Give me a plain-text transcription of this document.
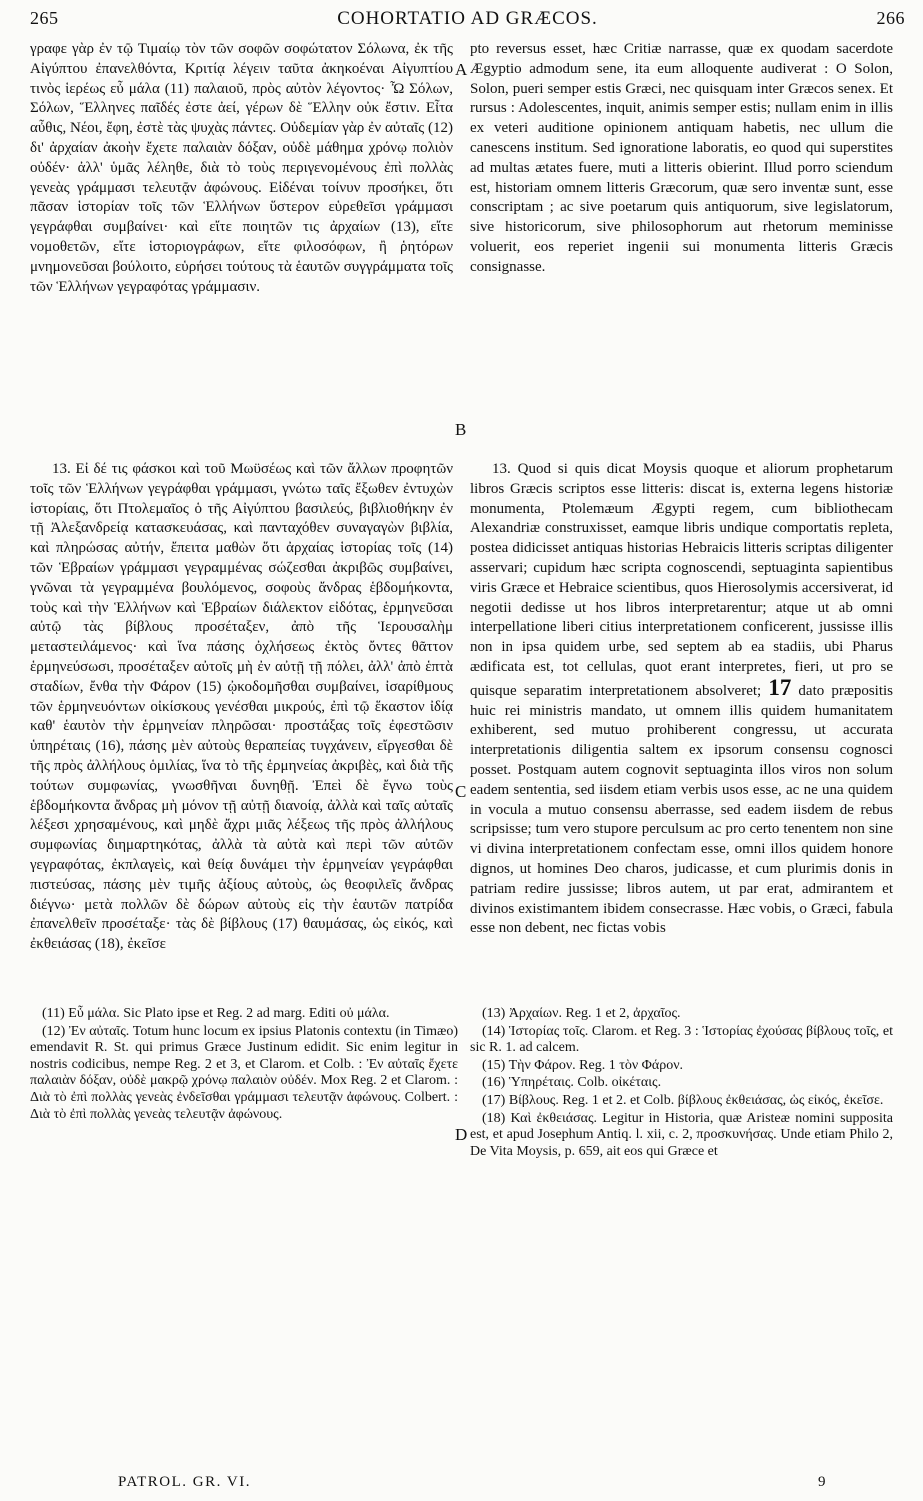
265	COHORTATIO AD GRÆCOS.	266

γραφε γὰρ ἐν τῷ Τιμαίῳ τὸν τῶν σοφῶν σοφώτατον Σόλωνα, ἐκ τῆς Αἰγύπτου ἐπανελθόντα, Κριτίᾳ λέγειν ταῦτα ἀκηκοέναι Αἰγυπτίου τινὸς ἱερέως εὖ μάλα (11) παλαιοῦ, πρὸς αὐτὸν λέγοντος· Ὦ Σόλων, Σόλων, Ἕλληνες παῖδές ἐστε ἀεί, γέρων δὲ Ἕλλην οὐκ ἔστιν. Εἶτα αὖθις, Νέοι, ἔφη, ἐστὲ τὰς ψυχὰς πάντες. Οὐδεμίαν γὰρ ἐν αὐταῖς (12) δι' ἀρχαίαν ἀκοὴν ἔχετε παλαιὰν δόξαν, οὐδὲ μάθημα χρόνῳ πολιὸν οὐδέν· ἀλλ' ὑμᾶς λέληθε, διὰ τὸ τοὺς περιγενομένους ἐπὶ πολλὰς γενεὰς γράμμασι τελευτᾷν ἀφώνους. Εἰδέναι τοίνυν προσήκει, ὅτι πᾶσαν ἱστορίαν τοῖς τῶν Ἑλλήνων ὕστερον εὑρεθεῖσι γράμμασι γεγράφθαι συμβαίνει· καὶ εἴτε ποιητῶν τις ἀρχαίων (13), εἴτε νομοθετῶν, εἴτε ἱστοριογράφων, εἴτε φιλοσόφων, ἢ ῥητόρων μνημονεῦσαι βούλοιτο, εὑρήσει τούτους τὰ ἑαυτῶν συγγράμματα τοῖς τῶν Ἑλλήνων γεγραφότας γράμμασιν.

pto reversus esset, hæc Critiæ narrasse, quæ ex quodam sacerdote Ægyptio admodum sene, ita eum alloquente audiverat : O Solon, Solon, pueri semper estis Græci, nec quisquam inter Græcos senex. Et rursus : Adolescentes, inquit, animis semper estis; nullam enim in illis ex veteri auditione opinionem antiquam habetis, nec ullum die canescens institum. Sed ignoratione laboratis, eo quod qui superstites ad multas ætates fuere, muti a litteris obierint. Illud porro sciendum est, historiam omnem litteris Græcorum, quæ sero inventæ sunt, esse conscriptam ; ac sive poetarum quis antiquorum, sive legislatorum, sive historicorum, sive philosophorum aut rhetorum meminisse voluerit, eos reperiet ingenii sui monumenta litteris Græcis consignasse.

A
B
C
D

13. Εἰ δέ τις φάσκοι καὶ τοῦ Μωϋσέως καὶ τῶν ἄλλων προφητῶν τοῖς τῶν Ἑλλήνων γεγράφθαι γράμμασι, γνώτω ταῖς ἔξωθεν ἐντυχὼν ἱστορίαις, ὅτι Πτολεμαῖος ὁ τῆς Αἰγύπτου βασιλεύς, βιβλιοθήκην ἐν τῇ Ἀλεξανδρείᾳ κατασκευάσας, καὶ πανταχόθεν συναγαγὼν βιβλία, καὶ πληρώσας αὐτήν, ἔπειτα μαθὼν ὅτι ἀρχαίας ἱστορίας τοῖς (14) τῶν Ἑβραίων γράμμασι γεγραμμένας σώζεσθαι ἀκριβῶς συμβαίνει, γνῶναι τὰ γεγραμμένα βουλόμενος, σοφοὺς ἄνδρας ἑβδομήκοντα, τοὺς καὶ τὴν Ἑλλήνων καὶ Ἑβραίων διάλεκτον εἰδότας, ἑρμηνεῦσαι αὐτῷ τὰς βίβλους προσέταξεν, ἀπὸ τῆς Ἱερουσαλὴμ μεταστειλάμενος· καὶ ἵνα πάσης ὀχλήσεως ἐκτὸς ὄντες θᾶττον ἑρμηνεύσωσι, προσέταξεν αὐτοῖς μὴ ἐν αὐτῇ τῇ πόλει, ἀλλ' ἀπὸ ἑπτὰ σταδίων, ἔνθα τὴν Φάρον (15) ᾠκοδομῆσθαι συμβαίνει, ἰσαρίθμους τῶν ἑρμηνευόντων οἰκίσκους γενέσθαι μικρούς, ἐπὶ τῷ ἕκαστον ἰδίᾳ καθ' ἑαυτὸν τὴν ἑρμηνείαν πληρῶσαι· προστάξας τοῖς ἐφεστῶσιν ὑπηρέταις (16), πάσης μὲν αὐτοὺς θεραπείας τυγχάνειν, εἴργεσθαι δὲ τῆς πρὸς ἀλλήλους ὁμιλίας, ἵνα τὸ τῆς ἑρμηνείας ἀκριβὲς, καὶ διὰ τῆς τούτων συμφωνίας, γνωσθῆναι δυνηθῇ. Ἐπεὶ δὲ ἔγνω τοὺς ἑβδομήκοντα ἄνδρας μὴ μόνον τῇ αὐτῇ διανοίᾳ, ἀλλὰ καὶ ταῖς αὐταῖς λέξεσι χρησαμένους, καὶ μηδὲ ἄχρι μιᾶς λέξεως τῆς πρὸς ἀλλήλους συμφωνίας διημαρτηκότας, ἀλλὰ τὰ αὐτὰ καὶ περὶ τῶν αὐτῶν γεγραφότας, ἐκπλαγεὶς, καὶ θείᾳ δυνάμει τὴν ἑρμηνείαν γεγράφθαι πιστεύσας, πάσης μὲν τιμῆς ἀξίους αὐτοὺς, ὡς θεοφιλεῖς ἄνδρας διέγνω· μετὰ πολλῶν δὲ δώρων αὐτοὺς εἰς τὴν ἑαυτῶν πατρίδα ἐπανελθεῖν προσέταξε· τὰς δὲ βίβλους (17) θαυμάσας, ὡς εἰκός, καὶ ἐκθειάσας (18), ἐκεῖσε

13. Quod si quis dicat Moysis quoque et aliorum prophetarum libros Græcis scriptos esse litteris: discat is, externa legens historiæ monumenta, Ptolemæum Ægypti regem, cum bibliothecam Alexandriæ construxisset, eamque libris undique comportatis repleta, postea didicisset antiquas historias Hebraicis litteris scriptas diligenter asservari; cupidum hæc scripta cognoscendi, septuaginta sapientibus viris Græce et Hebraice scientibus, quos Hierosolymis accersiverat, id negotii dedisse ut hos libros interpretarentur; atque ut ab omni interpellatione liberi citius interpretationem conficerent, jussisse illis non in ipsa quidem urbe, sed septem ab ea stadiis, ubi Pharus ædificata est, tot cellulas, quot erant interpretes, fieri, ut pro se quisque separatim interpretationem absolveret; 17 dato præpositis huic rei ministris mandato, ut omnem illis quidem humanitatem exhiberent, sed mutuo prohiberent congressu, ut accurata interpretationis diligentia saltem ex ipsorum consensu cognosci posset. Postquam autem cognovit septuaginta illos viros non solum eadem sententia, sed iisdem etiam verbis usos esse, ac ne una quidem in vocula a mutuo consensu aberrasse, sed eadem iisdem de rebus scripsisse; tum vero stupore perculsum ac pro certo tenentem non sine vi divina interpretationem confectam esse, omni illos quidem honore dignos, ut homines Deo charos, judicasse, et cum plurimis donis in patriam redire jussisse; libros autem, ut par erat, admirantem et divinos existimantem ibidem consecrasse. Hæc vobis, o Græci, fabula esse non debent, nec fictas vobis

(11) Εὖ μάλα. Sic Plato ipse et Reg. 2 ad marg. Editi οὐ μάλα.

(12) Ἐν αὐταῖς. Totum hunc locum ex ipsius Platonis contextu (in Timæo) emendavit R. St. qui primus Græce Justinum edidit. Sic enim legitur in nostris codicibus, nempe Reg. 2 et 3, et Clarom. et Colb. : Ἐν αὐταῖς ἔχετε παλαιὰν δόξαν, οὐδὲ μακρῷ χρόνῳ παλαιὸν οὐδέν. Mox Reg. 2 et Clarom. : Διὰ τὸ ἐπὶ πολλὰς γενεὰς ἐνδεῖσθαι γράμμασι τελευτᾷν ἀφώνους. Colbert. : Διὰ τὸ ἐπὶ πολλὰς γενεὰς τελευτᾷν ἀφώνους.

(13) Ἀρχαίων. Reg. 1 et 2, ἀρχαῖος.

(14) Ἱστορίας τοῖς. Clarom. et Reg. 3 : Ἱστορίας ἐχούσας βίβλους τοῖς, et sic R. 1. ad calcem.

(15) Τὴν Φάρον. Reg. 1 τὸν Φάρον.

(16) Ὑπηρέταις. Colb. οἰκέταις.

(17) Βίβλους. Reg. 1 et 2. et Colb. βίβλους ἐκθειάσας, ὡς εἰκός, ἐκεῖσε.

(18) Καὶ ἐκθειάσας. Legitur in Historia, quæ Aristeæ nomini supposita est, et apud Josephum Antiq. l. xii, c. 2, προσκυνήσας. Unde etiam Philo 2, De Vita Moysis, p. 659, ait eos qui Græce et

PATROL. GR. VI.	9
